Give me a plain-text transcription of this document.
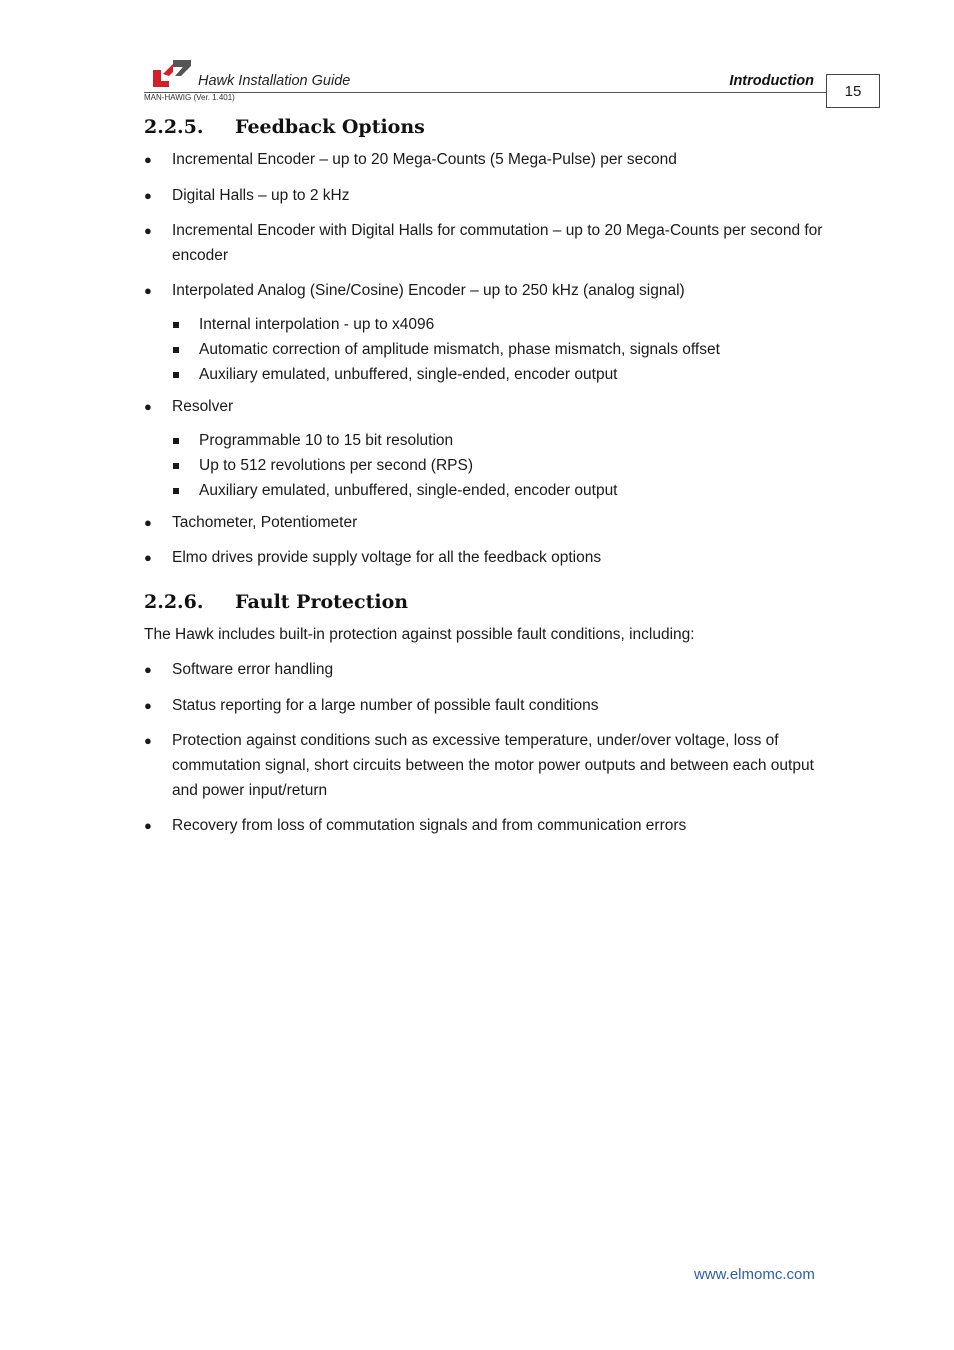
Hawk Installation Guide	Introduction
MAN-HAWIG (Ver. 1.401)	15
2.2.5. Feedback Options
● Incremental Encoder – up to 20 Mega-Counts (5 Mega-Pulse) per second
● Digital Halls – up to 2 kHz
● Incremental Encoder with Digital Halls for commutation – up to 20 Mega-Counts per second for encoder
● Interpolated Analog (Sine/Cosine) Encoder – up to 250 kHz (analog signal)
Internal interpolation - up to x4096
Automatic correction of amplitude mismatch, phase mismatch, signals offset
Auxiliary emulated, unbuffered, single-ended, encoder output
● Resolver
Programmable 10 to 15 bit resolution
Up to 512 revolutions per second (RPS)
Auxiliary emulated, unbuffered, single-ended, encoder output
● Tachometer, Potentiometer
● Elmo drives provide supply voltage for all the feedback options
2.2.6. Fault Protection
The Hawk includes built-in protection against possible fault conditions, including:
● Software error handling
● Status reporting for a large number of possible fault conditions
● Protection against conditions such as excessive temperature, under/over voltage, loss of commutation signal, short circuits between the motor power outputs and between each output and power input/return
● Recovery from loss of commutation signals and from communication errors
www.elmomc.com
